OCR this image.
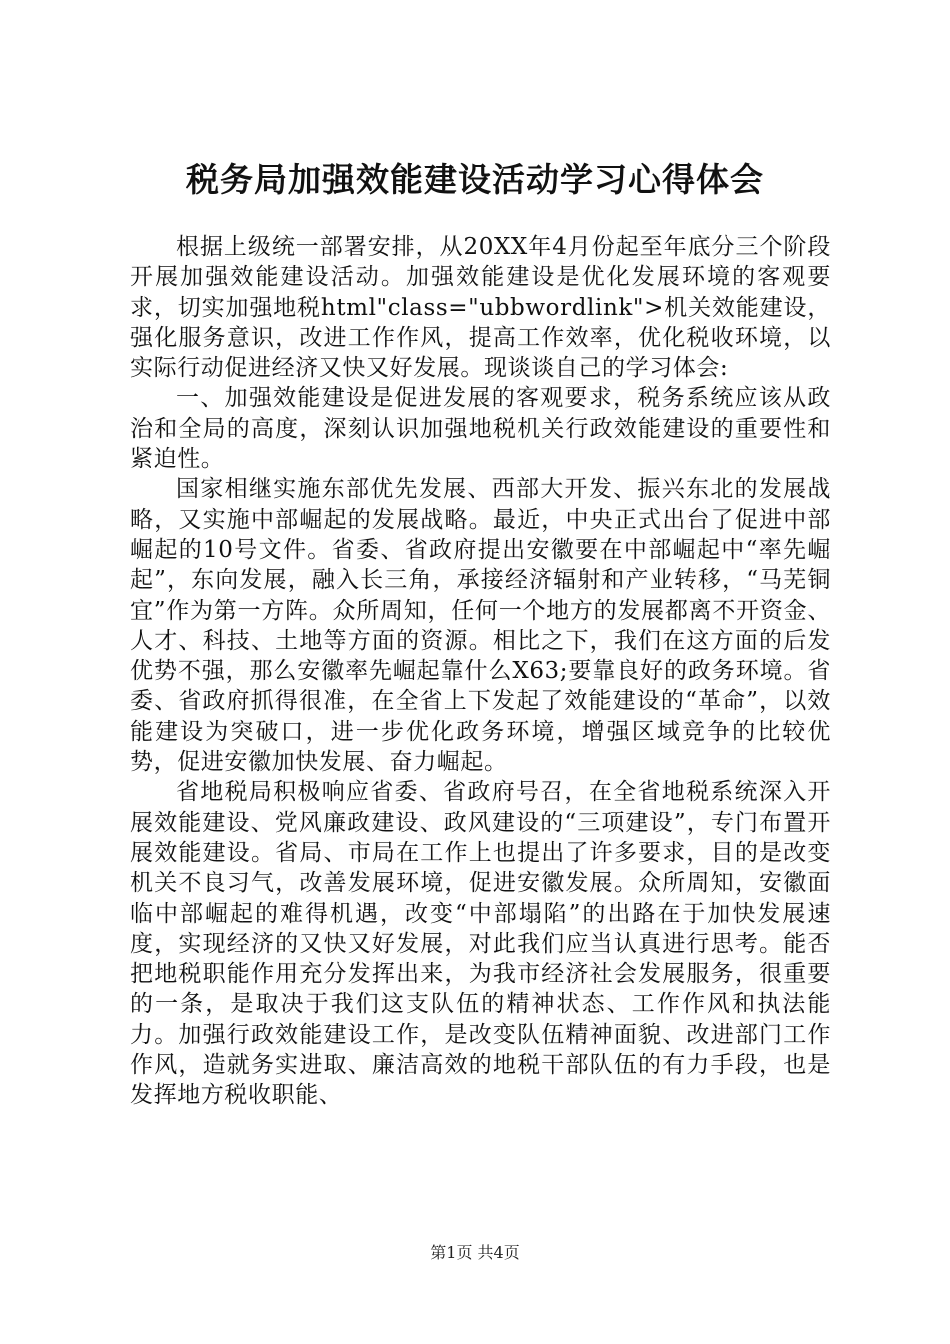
税务局加强效能建设活动学习心得体会

根据上级统一部署安排，从20XX年4月份起至年底分三个阶段开展加强效能建设活动。加强效能建设是优化发展环境的客观要求，切实加强地税html"class="ubbwordlink">机关效能建设，强化服务意识，改进工作作风，提高工作效率，优化税收环境，以实际行动促进经济又快又好发展。现谈谈自己的学习体会:

一、加强效能建设是促进发展的客观要求，税务系统应该从政治和全局的高度，深刻认识加强地税机关行政效能建设的重要性和紧迫性。

国家相继实施东部优先发展、西部大开发、振兴东北的发展战略，又实施中部崛起的发展战略。最近，中央正式出台了促进中部崛起的10号文件。省委、省政府提出安徽要在中部崛起中“率先崛起”，东向发展，融入长三角，承接经济辐射和产业转移，“马芜铜宜”作为第一方阵。众所周知，任何一个地方的发展都离不开资金、人才、科技、土地等方面的资源。相比之下，我们在这方面的后发优势不强，那么安徽率先崛起靠什么X63;要靠良好的政务环境。省委、省政府抓得很准，在全省上下发起了效能建设的“革命”，以效能建设为突破口，进一步优化政务环境，增强区域竞争的比较优势，促进安徽加快发展、奋力崛起。

省地税局积极响应省委、省政府号召，在全省地税系统深入开展效能建设、党风廉政建设、政风建设的“三项建设”，专门布置开展效能建设。省局、市局在工作上也提出了许多要求，目的是改变机关不良习气，改善发展环境，促进安徽发展。众所周知，安徽面临中部崛起的难得机遇，改变“中部塌陷”的出路在于加快发展速度，实现经济的又快又好发展，对此我们应当认真进行思考。能否把地税职能作用充分发挥出来，为我市经济社会发展服务，很重要的一条，是取决于我们这支队伍的精神状态、工作作风和执法能力。加强行政效能建设工作，是改变队伍精神面貌、改进部门工作作风，造就务实进取、廉洁高效的地税干部队伍的有力手段，也是发挥地方税收职能、

第1页 共4页
